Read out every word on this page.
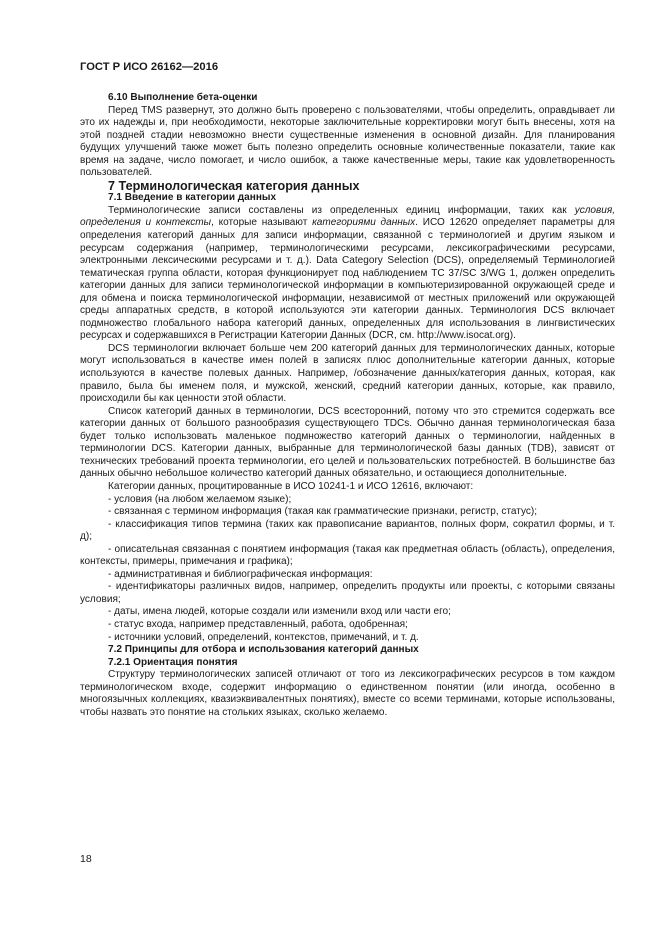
ГОСТ Р ИСО 26162—2016

6.10 Выполнение бета-оценки

Перед TMS развернут, это должно быть проверено с пользователями, чтобы определить, оправдывает ли это их надежды и, при необходимости, некоторые заключительные корректировки могут быть внесены, хотя на этой поздней стадии невозможно внести существенные изменения в основной дизайн. Для планирования будущих улучшений также может быть полезно определить основные количественные показатели, такие как время на задаче, число помогает, и число ошибок, а также качественные меры, такие как удовлетворенность пользователей.

7 Терминологическая категория данных

7.1 Введение в категории данных

Терминологические записи составлены из определенных единиц информации, таких как условия, определения и контексты, которые называют категориями данных. ИСО 12620 определяет параметры для определения категорий данных для записи информации, связанной с терминологией и другим языком и ресурсам содержания (например, терминологическими ресурсами, лексикографическими ресурсами, электронными лексическими ресурсами и т. д.). Data Category Selection (DCS), определяемый Терминологией тематическая группа области, которая функционирует под наблюдением ТС 37/SC 3/WG 1, должен определить категории данных для записи терминологической информации в компьютеризированной окружающей среде и для обмена и поиска терминологической информации, независимой от местных приложений или окружающей среды аппаратных средств, в которой используются эти категории данных. Терминология DCS включает подмножество глобального набора категорий данных, определенных для использования в лингвистических ресурсах и содержавшихся в Регистрации Категории Данных (DCR, см. http://www.isocat.org).

DCS терминологии включает больше чем 200 категорий данных для терминологических данных, которые могут использоваться в качестве имен полей в записях плюс дополнительные категории данных, которые используются в качестве полевых данных. Например, /обозначение данных/категория данных, которая, как правило, была бы именем поля, и мужской, женский, средний категории данных, которые, как правило, происходили бы как ценности этой области.

Список категорий данных в терминологии, DCS всесторонний, потому что это стремится содержать все категории данных от большого разнообразия существующего TDCs. Обычно данная терминологическая база будет только использовать маленькое подмножество категорий данных о терминологии, найденных в терминологии DCS. Категории данных, выбранные для терминологической базы данных (TDB), зависят от технических требований проекта терминологии, его целей и пользовательских потребностей. В большинстве баз данных обычно небольшое количество категорий данных обязательно, и остающиеся дополнительные.

Категории данных, процитированные в ИСО 10241-1 и ИСО 12616, включают:

- условия (на любом желаемом языке);

- связанная с термином информация (такая как грамматические признаки, регистр, статус);

- классификация типов термина (таких как правописание вариантов, полных форм, сократил формы, и т. д);

- описательная связанная с понятием информация (такая как предметная область (область), определения, контексты, примеры, примечания и графика);

- административная и библиографическая информация:

- идентификаторы различных видов, например, определить продукты или проекты, с которыми связаны условия;

- даты, имена людей, которые создали или изменили вход или части его;

- статус входа, например представленный, работа, одобренная;

- источники условий, определений, контекстов, примечаний, и т. д.

7.2 Принципы для отбора и использования категорий данных

7.2.1 Ориентация понятия

Структуру терминологических записей отличают от того из лексикографических ресурсов в том каждом терминологическом входе, содержит информацию о единственном понятии (или иногда, особенно в многоязычных коллекциях, квазиэквивалентных понятиях), вместе со всеми терминами, которые использованы, чтобы назвать это понятие на стольких языках, сколько желаемо.

18
